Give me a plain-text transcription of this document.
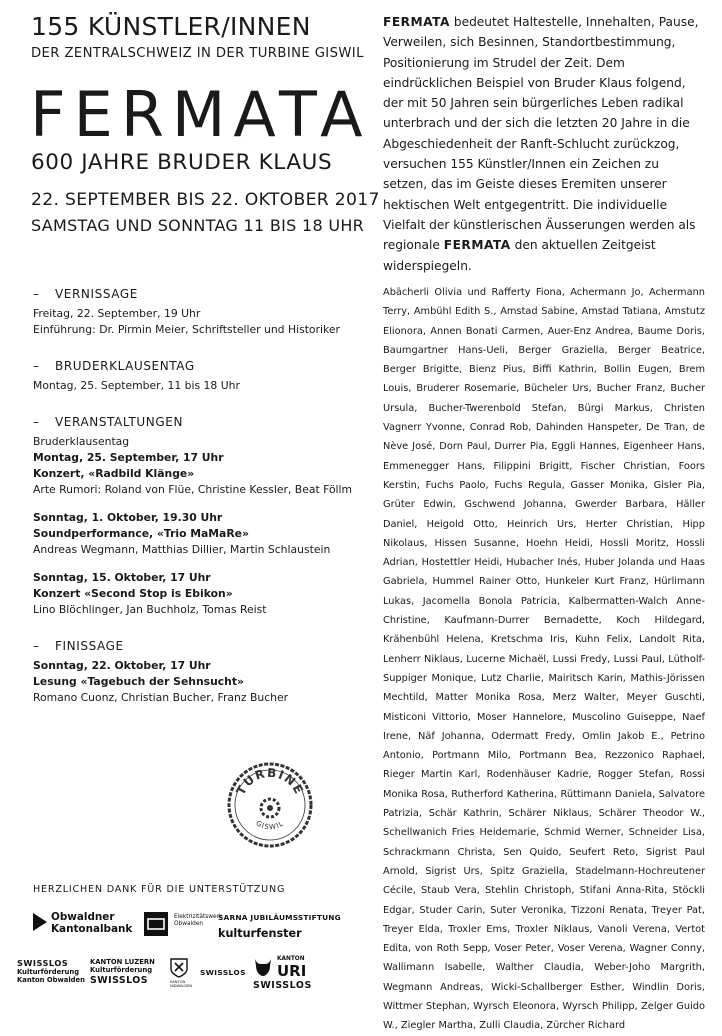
155 KÜNSTLER/INNEN
DER ZENTRALSCHWEIZ IN DER TURBINE GISWIL
FERMATA
600 JAHRE BRUDER KLAUS
22. SEPTEMBER BIS 22. OKTOBER 2017
SAMSTAG UND SONNTAG 11 BIS 18 UHR
FERMATA bedeutet Haltestelle, Innehalten, Pause, Verweilen, sich Besinnen, Standortbestimmung, Positionierung im Strudel der Zeit. Dem eindrücklichen Beispiel von Bruder Klaus folgend, der mit 50 Jahren sein bürgerliches Leben radikal unterbrach und der sich die letzten 20 Jahre in die Abgeschiedenheit der Ranft-Schlucht zurückzog, versuchen 155 Künstler/Innen ein Zeichen zu setzen, das im Geiste dieses Eremiten unserer hektischen Welt entgegentritt. Die individuelle Vielfalt der künstlerischen Äusserungen werden als regionale FERMATA den aktuellen Zeitgeist widerspiegeln.
– VERNISSAGE
Freitag, 22. September, 19 Uhr
Einführung: Dr. Pirmin Meier, Schriftsteller und Historiker
– BRUDERKLAUSENTAG
Montag, 25. September, 11 bis 18 Uhr
– VERANSTALTUNGEN
Bruderklausentag
Montag, 25. September, 17 Uhr
Konzert, «Radbild Klänge»
Arte Rumori: Roland von Flüe, Christine Kessler, Beat Föllm
Sonntag, 1. Oktober, 19.30 Uhr
Soundperformance, «Trio MaMaRe»
Andreas Wegmann, Matthias Dillier, Martin Schlaustein
Sonntag, 15. Oktober, 17 Uhr
Konzert «Second Stop is Ebikon»
Lino Blöchlinger, Jan Buchholz, Tomas Reist
– FINISSAGE
Sonntag, 22. Oktober, 17 Uhr
Lesung «Tagebuch der Sehnsucht»
Romano Cuonz, Christian Bucher, Franz Bucher
Abächerli Olivia und Rafferty Fiona, Achermann Jo, Achermann Terry, Ambühl Edith S., Amstad Sabine, Amstad Tatiana, Amstutz Elionora, Annen Bonati Carmen, Auer-Enz Andrea, Baume Doris, Baumgartner Hans-Ueli, Berger Graziella, Berger Beatrice, Berger Brigitte, Bienz Pius, Biffi Kathrin, Bollin Eugen, Brem Louis, Bruderer Rosemarie, Bücheler Urs, Bucher Franz, Bucher Ursula, Bucher-Twerenbold Stefan, Bürgi Markus, Christen Vagnerr Yvonne, Conrad Rob, Dahinden Hanspeter, De Tran, de Nève José, Dorn Paul, Durrer Pia, Eggli Hannes, Eigenheer Hans, Emmenegger Hans, Filippini Brigitt, Fischer Christian, Foors Kerstin, Fuchs Paolo, Fuchs Regula, Gasser Monika, Gisler Pia, Grüter Edwin, Gschwend Johanna, Gwerder Barbara, Häller Daniel, Heigold Otto, Heinrich Urs, Herter Christian, Hipp Nikolaus, Hissen Susanne, Hoehn Heidi, Hossli Moritz, Hossli Adrian, Hostettler Heidi, Hubacher Inés, Huber Jolanda und Haas Gabriela, Hummel Rainer Otto, Hunkeler Kurt Franz, Hürlimann Lukas, Jacomella Bonola Patricia, Kalbermatten-Walch Anne-Christine, Kaufmann-Durrer Bernadette, Koch Hildegard, Krähenbühl Helena, Kretschma Iris, Kuhn Felix, Landolt Rita, Lenherr Niklaus, Lucerne Michaël, Lussi Fredy, Lussi Paul, Lütholf-Suppiger Monique, Lutz Charlie, Mairitsch Karin, Mathis-Jörissen Mechtild, Matter Monika Rosa, Merz Walter, Meyer Guschti, Misticoni Vittorio, Moser Hannelore, Muscolino Guiseppe, Naef Irene, Näf Johanna, Odermatt Fredy, Omlin Jakob E., Petrino Antonio, Portmann Milo, Portmann Bea, Rezzonico Raphael, Rieger Martin Karl, Rodenhäuser Kadrie, Rogger Stefan, Rossi Monika Rosa, Rutherford Katherina, Rüttimann Daniela, Salvatore Patrizia, Schär Kathrin, Schärer Niklaus, Schärer Theodor W., Schellwanich Fries Heidemarie, Schmid Werner, Schneider Lisa, Schrackmann Christa, Sen Quido, Seufert Reto, Sigrist Paul Arnold, Sigrist Urs, Spitz Graziella, Stadelmann-Hochreutener Cécile, Staub Vera, Stehlin Christoph, Stifani Anna-Rita, Stöckli Edgar, Studer Carin, Suter Veronika, Tizzoni Renata, Treyer Pat, Treyer Elda, Troxler Ems, Troxler Niklaus, Vanoli Verena, Vertot Edita, von Roth Sepp, Voser Peter, Voser Verena, Wagner Conny, Wallimann Isabelle, Walther Claudia, Weber-Joho Margrith, Wegmann Andreas, Wicki-Schallberger Esther, Windlin Doris, Wittmer Stephan, Wyrsch Eleonora, Wyrsch Philipp, Zelger Guido W., Ziegler Martha, Zulli Claudia, Zürcher Richard
TURBINE
GISWIL
HERZLICHEN DANK FÜR DIE UNTERSTÜTZUNG
Obwaldner
Kantonalbank
Elektrizitätswerk
Obwalden
SARNA JUBILÄUMSSTIFTUNG
kulturfenster
SWISSLOS
Kulturförderung
Kanton Obwalden
KANTON LUZERN
Kulturförderung
SWISSLOS	KANTON
NIDWALDEN
SWISSLOS
KANTON
URI
SWISSLOS
